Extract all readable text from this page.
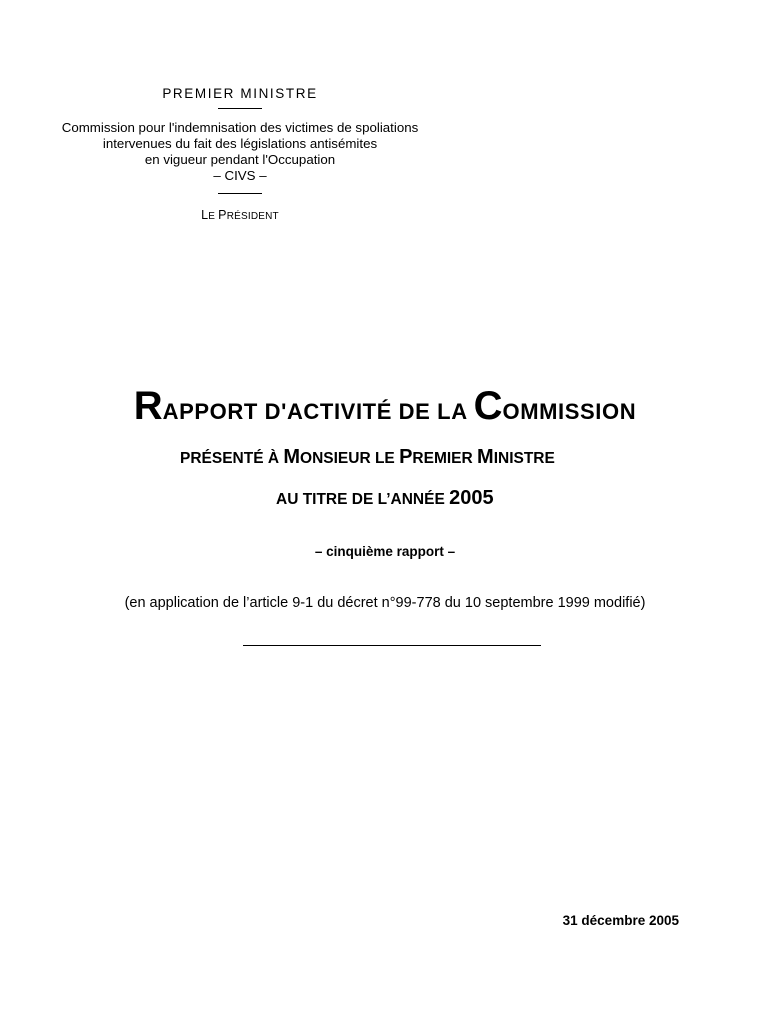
PREMIER MINISTRE
Commission pour l'indemnisation des victimes de spoliations
intervenues du fait des législations antisémites
en vigueur pendant l'Occupation
– CIVS –
LE PRÉSIDENT
RAPPORT D'ACTIVITÉ DE LA COMMISSION
PRÉSENTÉ À MONSIEUR LE PREMIER MINISTRE
AU TITRE DE L’ANNÉE 2005
– cinquième rapport –
(en application de l’article 9-1 du décret n°99-778 du 10 septembre 1999 modifié)
31 décembre 2005
